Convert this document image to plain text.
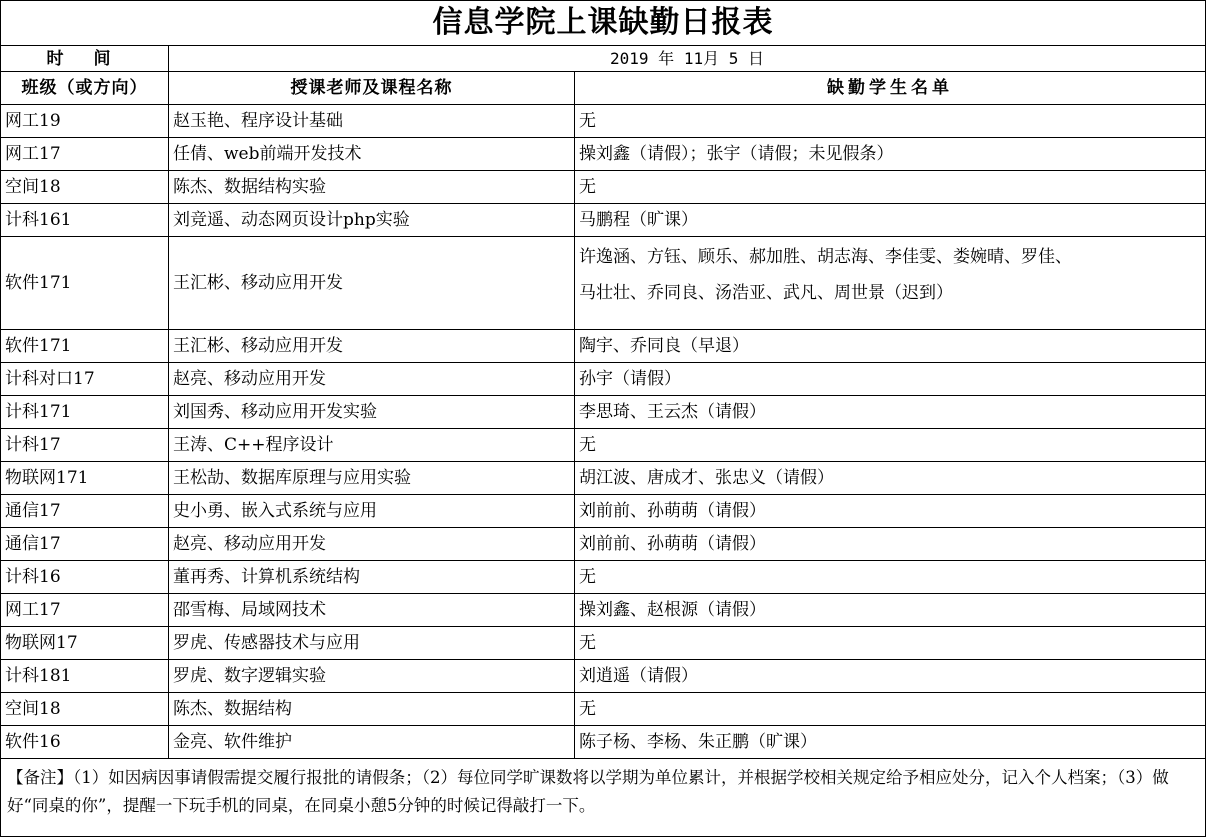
信息学院上课缺勤日报表		
时 间	2019 年 11月 5 日	
班级（或方向）	授课老师及课程名称	缺勤学生名单
网工19	赵玉艳、程序设计基础	无
网工17	任倩、web前端开发技术	操刘鑫（请假）；张宇（请假；未见假条）
空间18	陈杰、数据结构实验	无
计科161	刘竞遥、动态网页设计php实验	马鹏程（旷课）
软件171	王汇彬、移动应用开发	许逸涵、方钰、顾乐、郝加胜、胡志海、李佳雯、娄婉晴、罗佳、
马壮壮、乔同良、汤浩亚、武凡、周世景（迟到）

软件171	王汇彬、移动应用开发	陶宇、乔同良（早退）
计科对口17	赵亮、移动应用开发	孙宇（请假）
计科171	刘国秀、移动应用开发实验	李思琦、王云杰（请假）
计科17	王涛、C++程序设计	无
物联网171	王松劼、数据库原理与应用实验	胡江波、唐成才、张忠义（请假）
通信17	史小勇、嵌入式系统与应用	刘前前、孙萌萌（请假）
通信17	赵亮、移动应用开发	刘前前、孙萌萌（请假）
计科16	董再秀、计算机系统结构	无
网工17	邵雪梅、局域网技术	操刘鑫、赵根源（请假）
物联网17	罗虎、传感器技术与应用	无
计科181	罗虎、数字逻辑实验	刘逍遥（请假）
空间18	陈杰、数据结构	无
软件16	金亮、软件维护	陈子杨、李杨、朱正鹏（旷课）
【备注】（1）如因病因事请假需提交履行报批的请假条；（2）每位同学旷课数将以学期为单位累计，并根据学校相关规定给予相应处分，记入个人档案；（3）做好“同桌的你”，提醒一下玩手机的同桌，在同桌小憩5分钟的时候记得敲打一下。		
